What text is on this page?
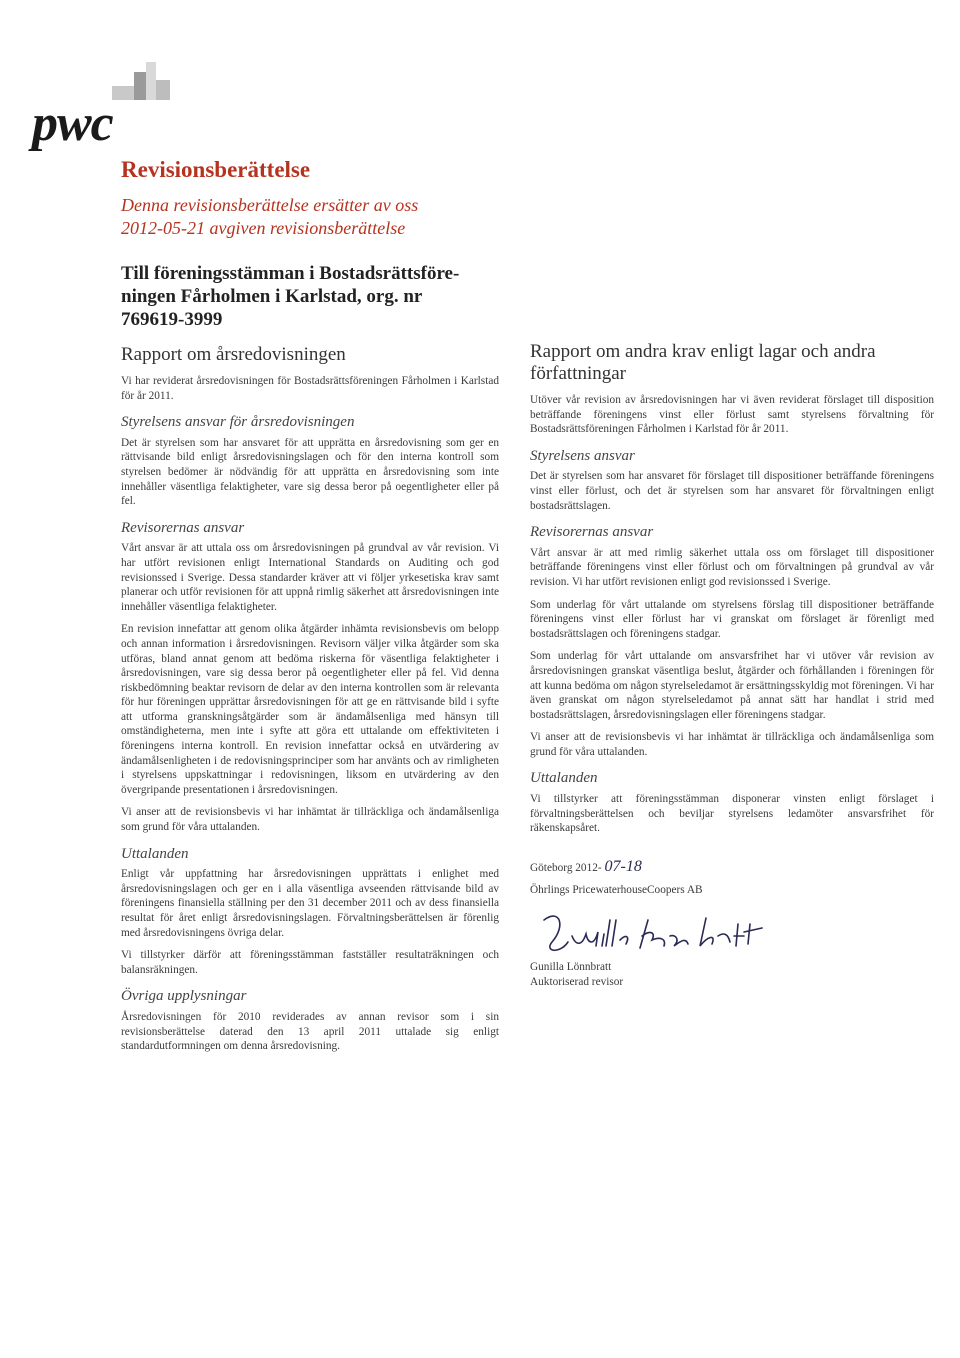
pwc
Revisionsberättelse
Denna revisionsberättelse ersätter av oss
2012-05-21 avgiven revisionsberättelse
Till föreningsstämman i Bostadsrättsföre-
ningen Fårholmen i Karlstad, org. nr
769619-3999
Rapport om årsredovisningen

Vi har reviderat årsredovisningen för Bostadsrättsföreningen Fårholmen i Karlstad för år 2011.

Styrelsens ansvar för årsredovisningen

Det är styrelsen som har ansvaret för att upprätta en årsredovisning som ger en rättvisande bild enligt årsredovisningslagen och för den interna kontroll som styrelsen bedömer är nödvändig för att upprätta en årsredovisning som inte innehåller väsentliga felaktigheter, vare sig dessa beror på oegentligheter eller på fel.

Revisorernas ansvar

Vårt ansvar är att uttala oss om årsredovisningen på grundval av vår revision. Vi har utfört revisionen enligt International Standards on Auditing och god revisionssed i Sverige. Dessa standarder kräver att vi följer yrkesetiska krav samt planerar och utför revisionen för att uppnå rimlig säkerhet att årsredovisningen inte innehåller väsentliga felaktigheter.

En revision innefattar att genom olika åtgärder inhämta revisionsbevis om belopp och annan information i årsredovisningen. Revisorn väljer vilka åtgärder som ska utföras, bland annat genom att bedöma riskerna för väsentliga felaktigheter i årsredovisningen, vare sig dessa beror på oegentligheter eller på fel. Vid denna riskbedömning beaktar revisorn de delar av den interna kontrollen som är relevanta för hur föreningen upprättar årsredovisningen för att ge en rättvisande bild i syfte att utforma granskningsåtgärder som är ändamålsenliga med hänsyn till omständigheterna, men inte i syfte att göra ett uttalande om effektiviteten i föreningens interna kontroll. En revision innefattar också en utvärdering av ändamålsenligheten i de redovisningsprinciper som har använts och av rimligheten i styrelsens uppskattningar i redovisningen, liksom en utvärdering av den övergripande presentationen i årsredovisningen.

Vi anser att de revisionsbevis vi har inhämtat är tillräckliga och ändamålsenliga som grund för våra uttalanden.

Uttalanden

Enligt vår uppfattning har årsredovisningen upprättats i enlighet med årsredovisningslagen och ger en i alla väsentliga avseenden rättvisande bild av föreningens finansiella ställning per den 31 december 2011 och av dess finansiella resultat för året enligt årsredovisningslagen. Förvaltningsberättelsen är förenlig med årsredovisningens övriga delar.

Vi tillstyrker därför att föreningsstämman fastställer resultaträkningen och balansräkningen.

Övriga upplysningar

Årsredovisningen för 2010 reviderades av annan revisor som i sin revisionsberättelse daterad den 13 april 2011 uttalade sig enligt standardutformningen om denna årsredovisning.

Rapport om andra krav enligt lagar och andra författningar

Utöver vår revision av årsredovisningen har vi även reviderat förslaget till disposition beträffande föreningens vinst eller förlust samt styrelsens förvaltning för Bostadsrättsföreningen Fårholmen i Karlstad för år 2011.

Styrelsens ansvar

Det är styrelsen som har ansvaret för förslaget till dispositioner beträffande föreningens vinst eller förlust, och det är styrelsen som har ansvaret för förvaltningen enligt bostadsrättslagen.

Revisorernas ansvar

Vårt ansvar är att med rimlig säkerhet uttala oss om förslaget till dispositioner beträffande föreningens vinst eller förlust och om förvaltningen på grundval av vår revision. Vi har utfört revisionen enligt god revisionssed i Sverige.

Som underlag för vårt uttalande om styrelsens förslag till dispositioner beträffande föreningens vinst eller förlust har vi granskat om förslaget är förenligt med bostadsrättslagen och föreningens stadgar.

Som underlag för vårt uttalande om ansvarsfrihet har vi utöver vår revision av årsredovisningen granskat väsentliga beslut, åtgärder och förhållanden i föreningen för att kunna bedöma om någon styrelseledamot är ersättningsskyldig mot föreningen. Vi har även granskat om någon styrelseledamot på annat sätt har handlat i strid med bostadsrättslagen, årsredovisningslagen eller föreningens stadgar.

Vi anser att de revisionsbevis vi har inhämtat är tillräckliga och ändamålsenliga som grund för våra uttalanden.

Uttalanden

Vi tillstyrker att föreningsstämman disponerar vinsten enligt förslaget i förvaltningsberättelsen och beviljar styrelsens ledamöter ansvarsfrihet för räkenskapsåret.

Göteborg 2012- 07-18

Öhrlings PricewaterhouseCoopers AB

Gunilla Lönnbratt

Auktoriserad revisor
